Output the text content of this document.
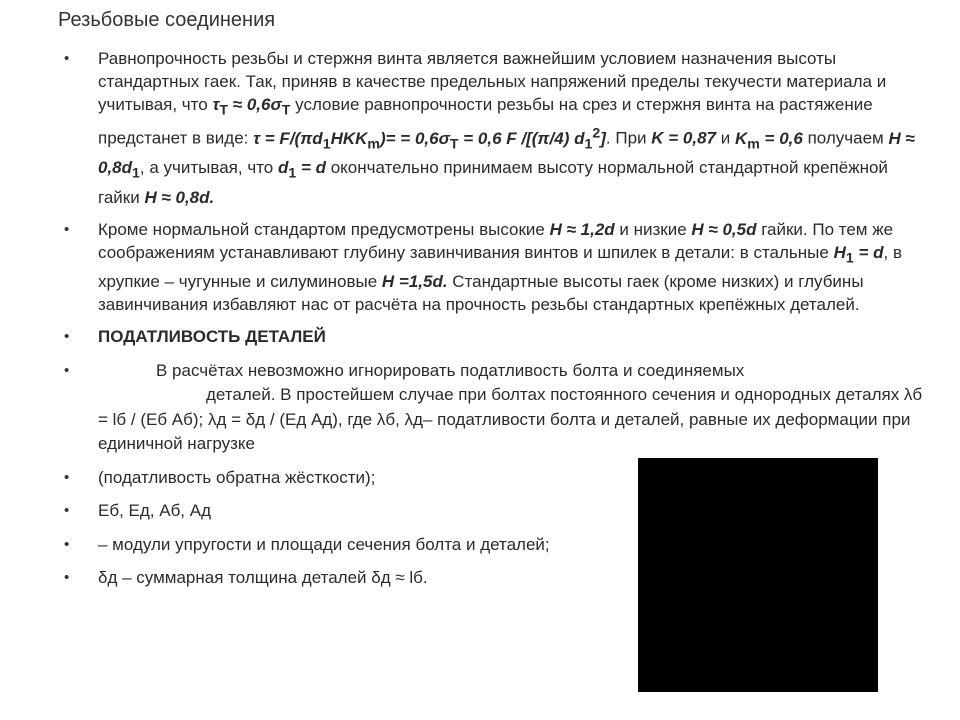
Резьбовые соединения
•	Равнопрочность резьбы и стержня винта является важнейшим условием назначения высоты стандартных гаек. Так, приняв в качестве предельных напряжений пределы текучести материала и учитывая, что $\tau_Т \approx 0,6\sigma_Т$ условие равнопрочности резьбы на срез и стержня винта на растяжение предстанет в виде: $\tau = F/(\pi d_1HKK_m)= = 0,6\sigma_Т = 0,6$ F /[(π/4) $d_1^2$]. При K = 0,87 и $K_m = 0,6$ получаем $H \approx 0,8d_1$, а учитывая, что $d_1 = d$ окончательно принимаем высоту нормальной стандартной крепёжной гайки H ≈ 0,8d.
•	Кроме нормальной стандартом предусмотрены высокие H ≈ 1,2d и низкие H ≈ 0,5d гайки. По тем же соображениям устанавливают глубину завинчивания винтов и шпилек в детали: в стальные $H_1 = d$, в хрупкие – чугунные и силуминовые H =1,5d. Стандартные высоты гаек (кроме низких) и глубины завинчивания избавляют нас от расчёта на прочность резьбы стандартных крепёжных деталей.
•	ПОДАТЛИВОСТЬ ДЕТАЛЕЙ
•	В расчётах невозможно игнорировать податливость болта и соединяемых
деталей. В простейшем случае при болтах постоянного сечения и однородных деталях λб = lб / (Еб Аб); λд = δд / (Ед Ад), где λб, λд– податливости болта и деталей, равные их деформации при единичной нагрузке
•	(податливость обратна жёсткости);
•	Еб, Ед, Аб, Ад
•	– модули упругости и площади сечения болта и деталей;
•	δд – суммарная толщина деталей δд ≈ lб.
